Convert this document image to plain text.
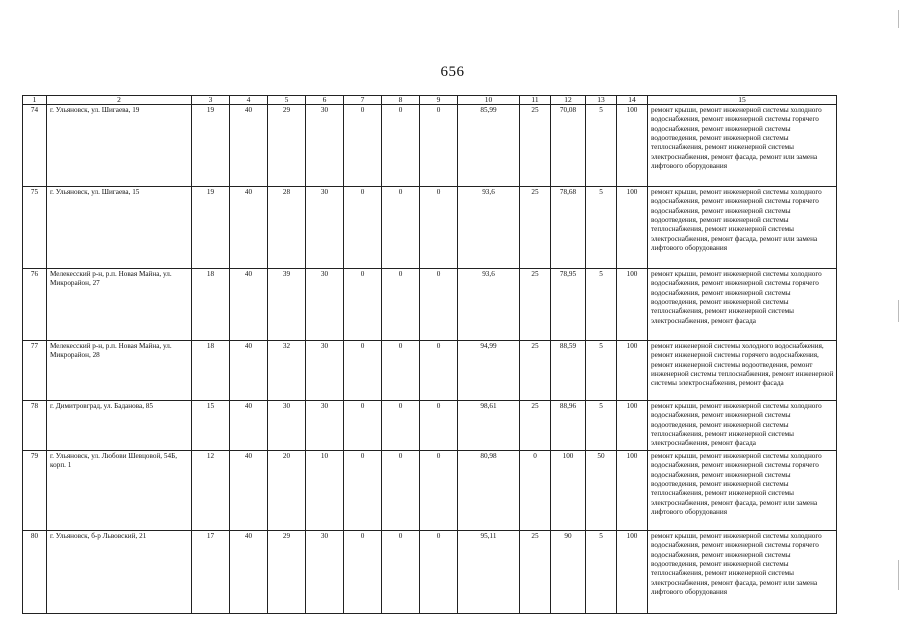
656
1	2	3	4	5	6	7	8	9	10	11	12	13	14	15
74	г. Ульяновск, ул. Шигаева, 19	19	40	29	30	0	0	0	85,99	25	70,08	5	100	ремонт крыши, ремонт инженерной системы холодного водоснабжения, ремонт инженерной системы горячего водоснабжения, ремонт инженерной системы водоотведения, ремонт инженерной системы теплоснабжения, ремонт инженерной системы электроснабжения, ремонт фасада, ремонт или замена лифтового оборудования
75	г. Ульяновск, ул. Шигаева, 15	19	40	28	30	0	0	0	93,6	25	78,68	5	100	ремонт крыши, ремонт инженерной системы холодного водоснабжения, ремонт инженерной системы горячего водоснабжения, ремонт инженерной системы водоотведения, ремонт инженерной системы теплоснабжения, ремонт инженерной системы электроснабжения, ремонт фасада, ремонт или замена лифтового оборудования
76	Мелекесский р-н, р.п. Новая Майна, ул. Микрорайон, 27	18	40	39	30	0	0	0	93,6	25	78,95	5	100	ремонт крыши, ремонт инженерной системы холодного водоснабжения, ремонт инженерной системы горячего водоснабжения, ремонт инженерной системы водоотведения, ремонт инженерной системы теплоснабжения, ремонт инженерной системы электроснабжения, ремонт фасада
77	Мелекесский р-н, р.п. Новая Майна, ул. Микрорайон, 28	18	40	32	30	0	0	0	94,99	25	88,59	5	100	ремонт инженерной системы холодного водоснабжения, ремонт инженерной системы горячего водоснабжения, ремонт инженерной системы водоотведения, ремонт инженерной системы теплоснабжения, ремонт инженерной системы электроснабжения, ремонт фасада
78	г. Димитровград, ул. Баданова, 85	15	40	30	30	0	0	0	98,61	25	88,96	5	100	ремонт крыши, ремонт инженерной системы холодного водоснабжения, ремонт инженерной системы водоотведения, ремонт инженерной системы теплоснабжения, ремонт инженерной системы электроснабжения, ремонт фасада
79	г. Ульяновск, ул. Любови Шевцовой, 54Б, корп. 1	12	40	20	10	0	0	0	80,98	0	100	50	100	ремонт крыши, ремонт инженерной системы холодного водоснабжения, ремонт инженерной системы горячего водоснабжения, ремонт инженерной системы водоотведения, ремонт инженерной системы теплоснабжения, ремонт инженерной системы электроснабжения, ремонт фасада, ремонт или замена лифтового оборудования
80	г. Ульяновск, б-р Львовский, 21	17	40	29	30	0	0	0	95,11	25	90	5	100	ремонт крыши, ремонт инженерной системы холодного водоснабжения, ремонт инженерной системы горячего водоснабжения, ремонт инженерной системы водоотведения, ремонт инженерной системы теплоснабжения, ремонт инженерной системы электроснабжения, ремонт фасада, ремонт или замена лифтового оборудования
